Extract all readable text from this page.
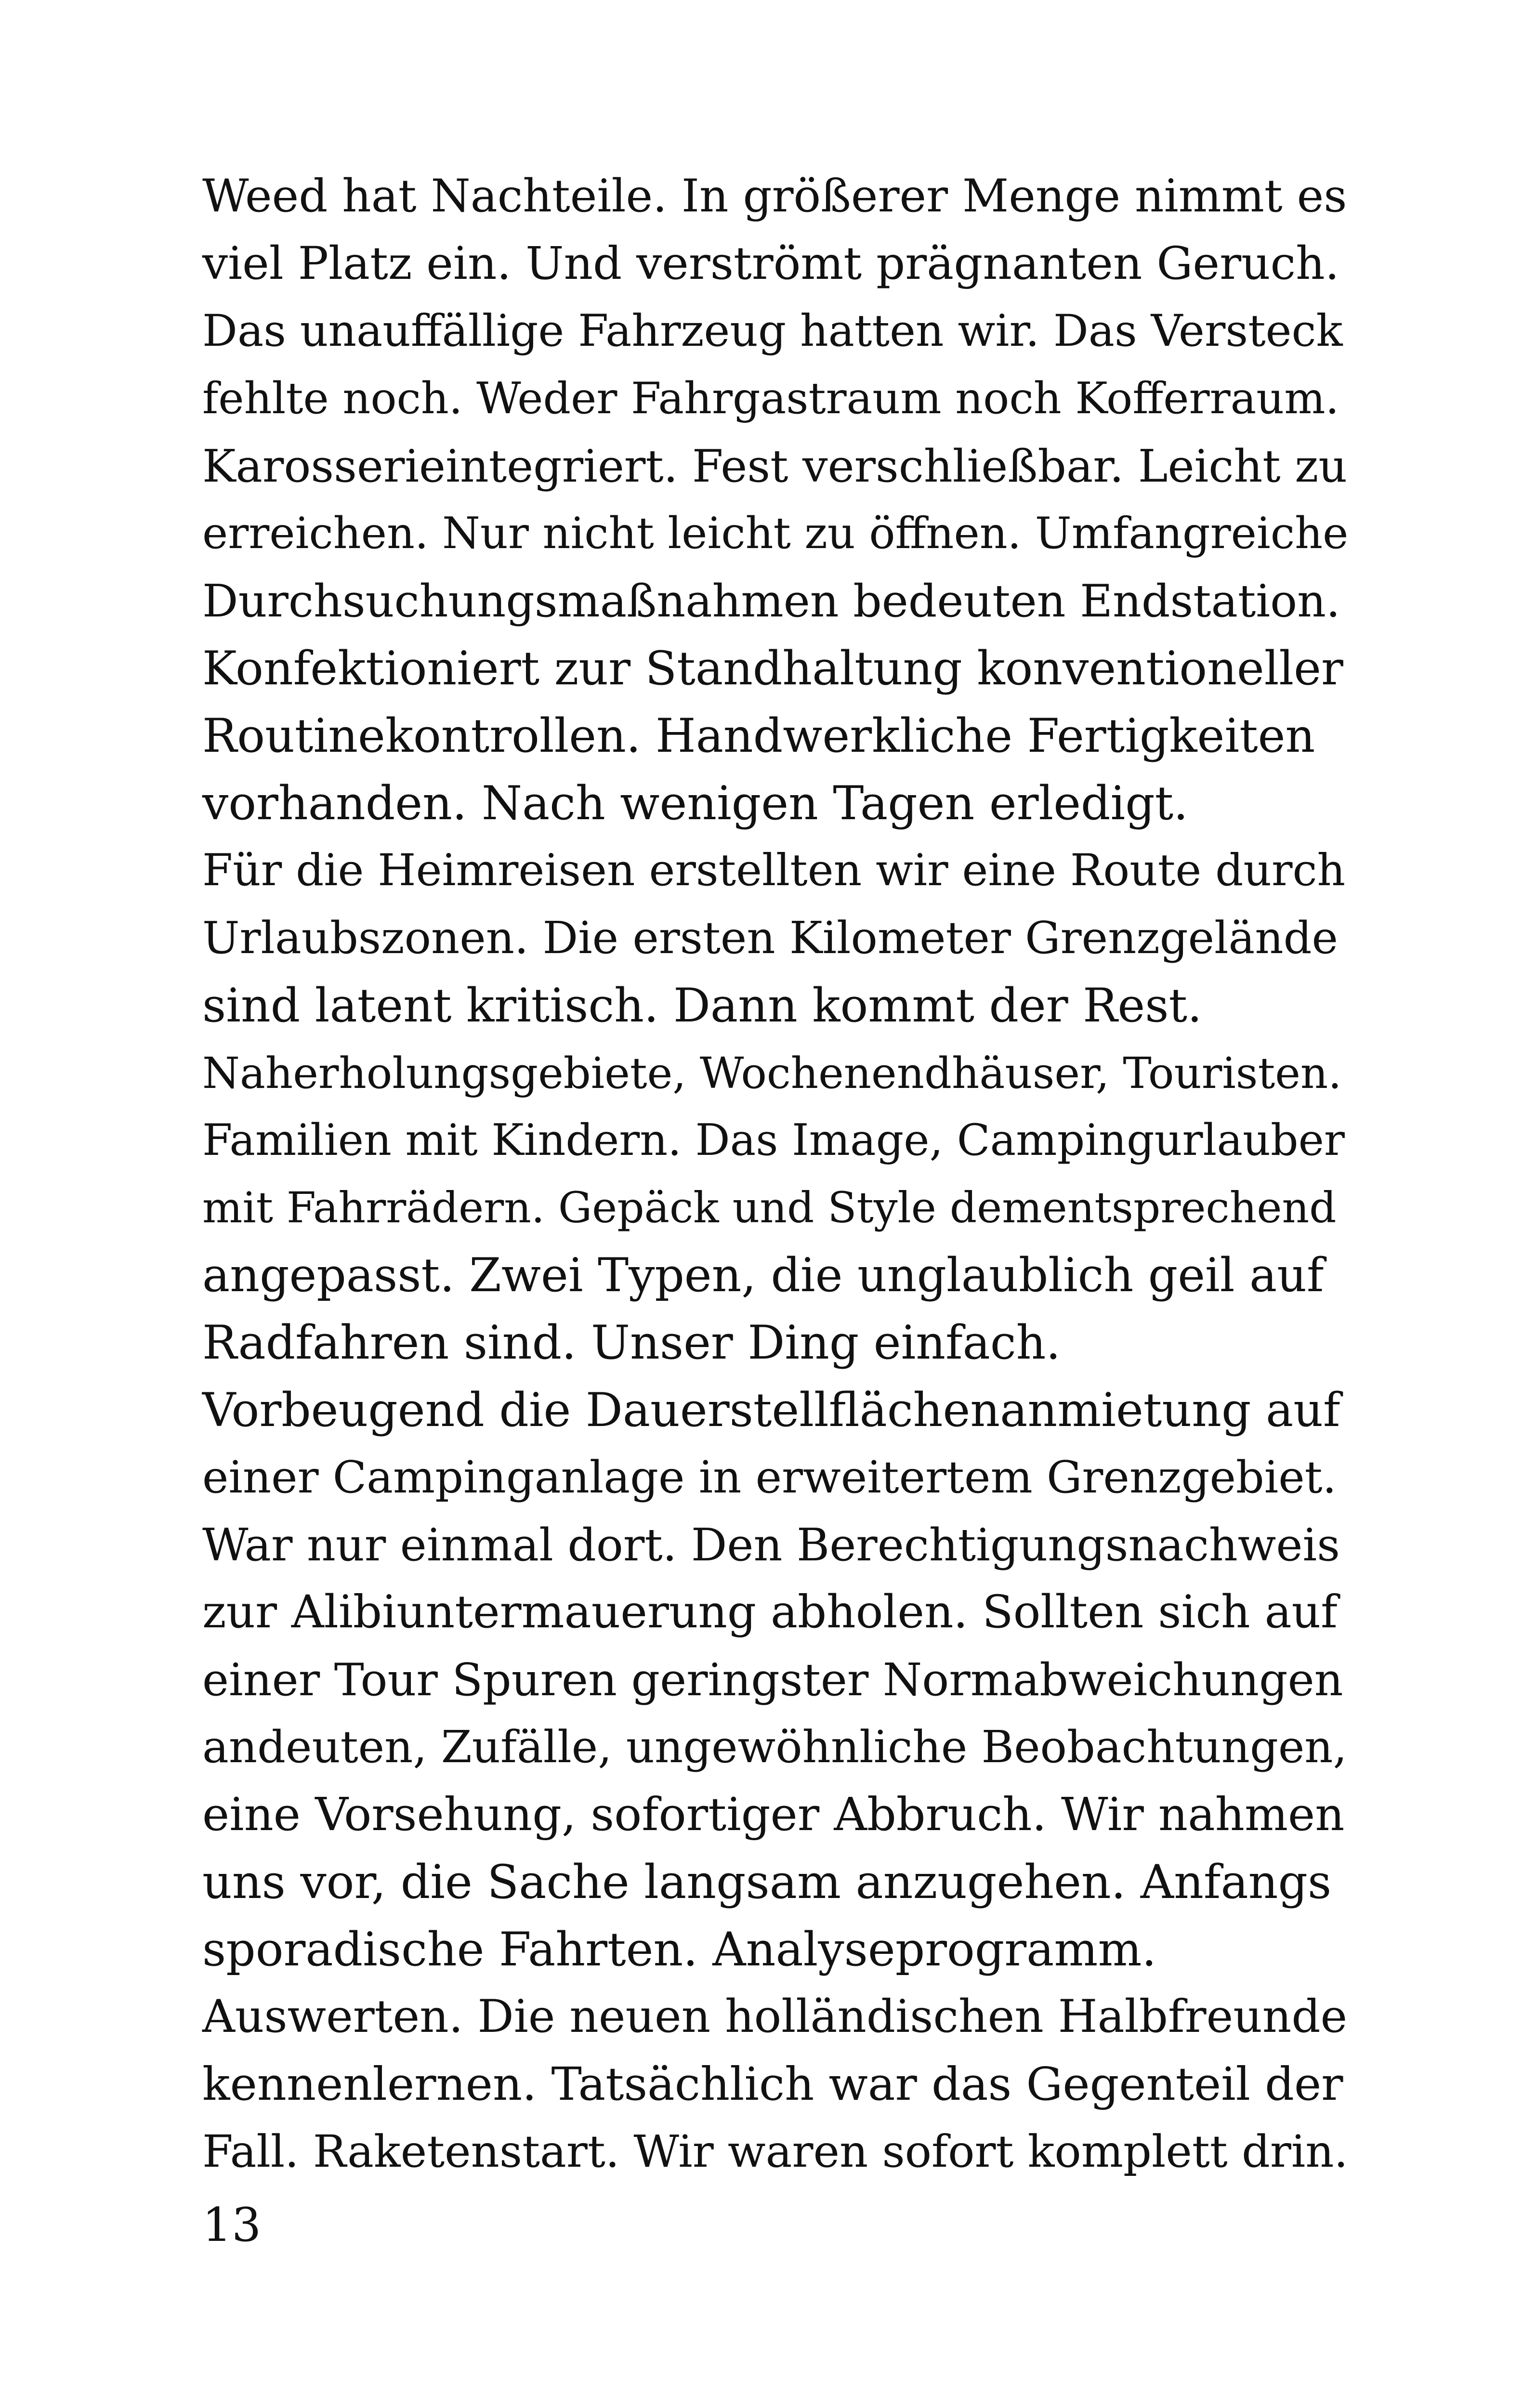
Weed hat Nachteile. In größerer Menge nimmt es
viel Platz ein. Und verströmt prägnanten Geruch.
Das unauffällige Fahrzeug hatten wir. Das Versteck
fehlte noch. Weder Fahrgastraum noch Kofferraum.
Karosserieintegriert. Fest verschließbar. Leicht zu
erreichen. Nur nicht leicht zu öffnen. Umfangreiche
Durchsuchungsmaßnahmen bedeuten Endstation.
Konfektioniert zur Standhaltung konventioneller
Routinekontrollen. Handwerkliche Fertigkeiten
vorhanden. Nach wenigen Tagen erledigt.
Für die Heimreisen erstellten wir eine Route durch
Urlaubszonen. Die ersten Kilometer Grenzgelände
sind latent kritisch. Dann kommt der Rest.
Naherholungsgebiete, Wochenendhäuser, Touristen.
Familien mit Kindern. Das Image, Campingurlauber
mit Fahrrädern. Gepäck und Style dementsprechend
angepasst. Zwei Typen, die unglaublich geil auf
Radfahren sind. Unser Ding einfach.
Vorbeugend die Dauerstellflächenanmietung auf
einer Campinganlage in erweitertem Grenzgebiet.
War nur einmal dort. Den Berechtigungsnachweis
zur Alibiuntermauerung abholen. Sollten sich auf
einer Tour Spuren geringster Normabweichungen
andeuten, Zufälle, ungewöhnliche Beobachtungen,
eine Vorsehung, sofortiger Abbruch. Wir nahmen
uns vor, die Sache langsam anzugehen. Anfangs
sporadische Fahrten. Analyseprogramm.
Auswerten. Die neuen holländischen Halbfreunde
kennenlernen. Tatsächlich war das Gegenteil der
Fall. Raketenstart. Wir waren sofort komplett drin.
13
